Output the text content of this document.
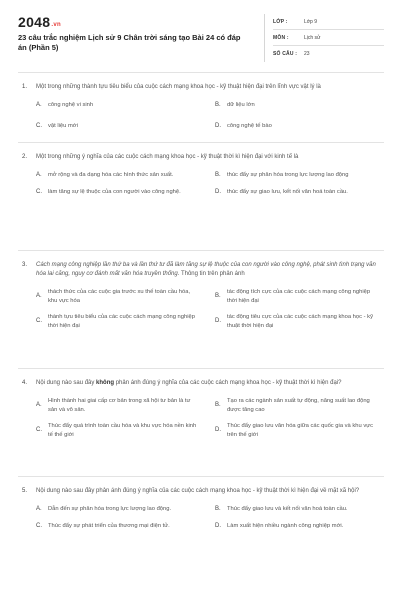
2048.vn
23 câu trắc nghiệm Lịch sử 9 Chân trời sáng tạo Bài 24 có đáp án (Phần 5)
LỚP :	Lớp 9
MÔN :	Lịch sử
SỐ CÂU :	23
1.	Một trong những thành tựu tiêu biểu của cuộc cách mạng khoa học - kỹ thuật hiện đại trên lĩnh vực vật lý là
A.	công nghệ vi sinh	B.	dữ liệu lớn
C.	vật liệu mới	D.	công nghệ tế bào
2.	Một trong những ý nghĩa của các cuộc cách mạng khoa học - kỹ thuật thời kì hiện đại với kinh tế là
A.	mở rộng và đa dạng hóa các hình thức sản xuất.	B.	thúc đẩy sự phân hóa trong lực lượng lao động
C.	làm tăng sự lệ thuộc của con người vào công nghệ.	D.	thúc đẩy sự giao lưu, kết nối văn hoá toàn cầu.
3.	Cách mạng công nghiệp lần thứ ba và lần thứ tư đã làm tăng sự lệ thuộc của con người vào công nghệ, phát sinh tình trạng văn hóa lai căng, nguy cơ đánh mất văn hóa truyền thống. Thông tin trên phản ánh
A.
thách thức của các cuộc gia trước xu thế toàn cầu hóa, khu vực hóa
B.
tác động tích cực của các cuộc cách mạng công nghiệp thời hiện đại
C.
thành tựu tiêu biểu của các cuộc cách mạng công nghiệp thời hiện đại
D.
tác động tiêu cực của các cuộc cách mạng khoa học - kỹ thuật thời hiện đại
4.	Nội dung nào sau đây không phản ánh đúng ý nghĩa của các cuộc cách mạng khoa học - kỹ thuật thời kì hiện đại?
A.
Hình thành hai giai cấp cơ bản trong xã hội tư bản là tư sản và vô sản.
B.
Tạo ra các ngành sản xuất tự động, năng suất lao động được tăng cao
C.
Thúc đẩy quá trình toàn cầu hóa và khu vực hóa nền kinh tế thế giới
D.
Thúc đẩy giao lưu văn hóa giữa các quốc gia và khu vực trên thế giới
5.	Nội dung nào sau đây phản ánh đúng ý nghĩa của các cuộc cách mạng khoa học - kỹ thuật thời kì hiện đại về mặt xã hội?
A.	Dẫn đến sự phân hóa trong lực lượng lao động.	B.	Thúc đẩy giao lưu và kết nối văn hoá toàn cầu.
C.	Thúc đẩy sự phát triển của thương mại điện tử.	D.	Làm xuất hiện nhiều ngành công nghiệp mới.
